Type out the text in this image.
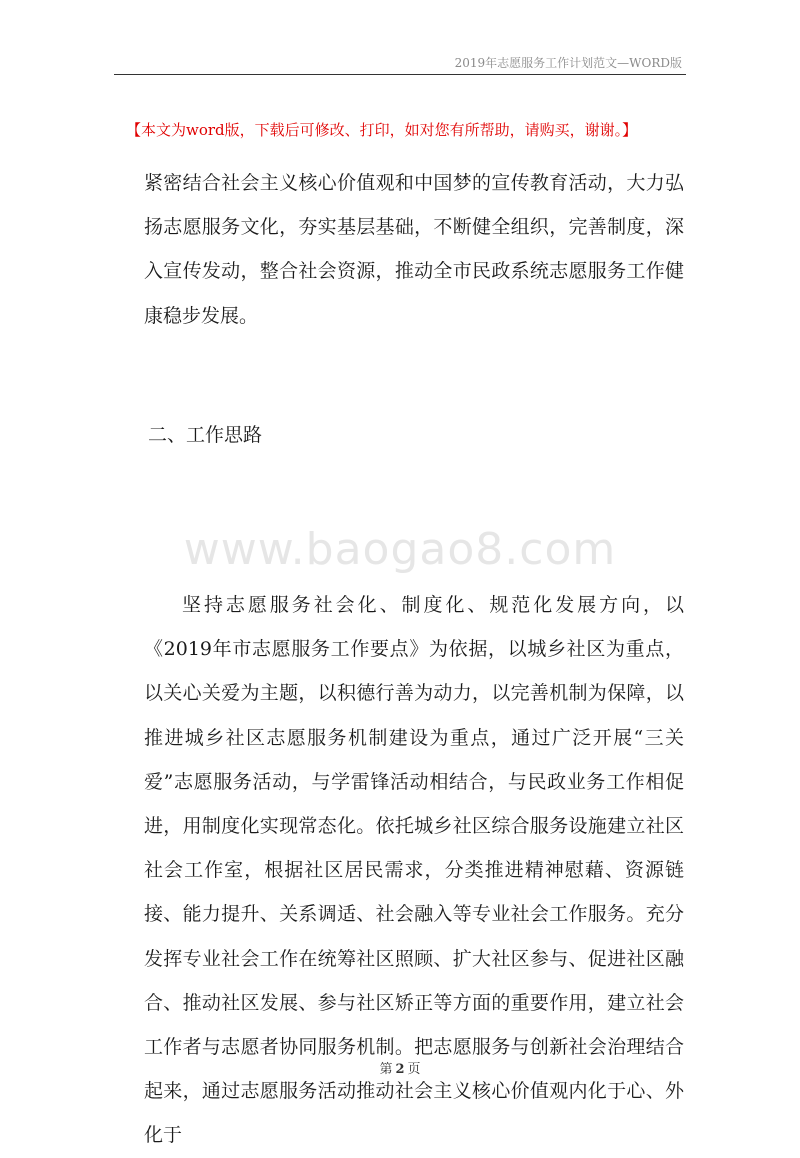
2019年志愿服务工作计划范文—WORD版
【本文为word版，下载后可修改、打印，如对您有所帮助，请购买，谢谢。】

紧密结合社会主义核心价值观和中国梦的宣传教育活动，大力弘扬志愿服务文化，夯实基层基础，不断健全组织，完善制度，深入宣传发动，整合社会资源，推动全市民政系统志愿服务工作健康稳步发展。

二、工作思路
www.baogao8.com

坚持志愿服务社会化、制度化、规范化发展方向，以《2019年市志愿服务工作要点》为依据，以城乡社区为重点，以关心关爱为主题，以积德行善为动力，以完善机制为保障，以推进城乡社区志愿服务机制建设为重点，通过广泛开展“三关爱”志愿服务活动，与学雷锋活动相结合，与民政业务工作相促进，用制度化实现常态化。依托城乡社区综合服务设施建立社区社会工作室，根据社区居民需求，分类推进精神慰藉、资源链接、能力提升、关系调适、社会融入等专业社会工作服务。充分发挥专业社会工作在统筹社区照顾、扩大社区参与、促进社区融合、推动社区发展、参与社区矫正等方面的重要作用，建立社会工作者与志愿者协同服务机制。把志愿服务与创新社会治理结合起来，通过志愿服务活动推动社会主义核心价值观内化于心、外化于

第 2 页
